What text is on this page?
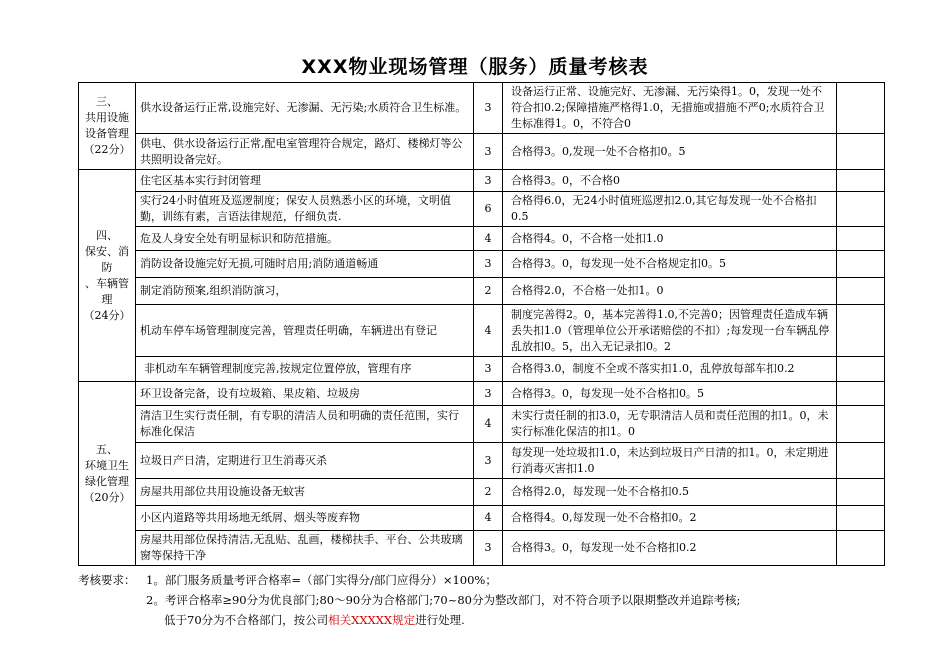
XXX物业现场管理（服务）质量考核表
三、
共用设施
设备管理
（22分）	供水设备运行正常,设施完好、无渗漏、无污染;水质符合卫生标准。	3	设备运行正常、设施完好、无渗漏、无污染得1。0，发现一处不符合扣0.2;保障措施严格得1.0，无措施或措施不严0;水质符合卫生标准得1。0，不符合0	
	供电、供水设备运行正常,配电室管理符合规定，路灯、楼梯灯等公共照明设备完好。	3	合格得3。0,发现一处不合格扣0。5	

四、
保安、消防
、车辆管理
（24分）	住宅区基本实行封闭管理	3	合格得3。0，不合格0	
	实行24小时值班及巡逻制度；保安人员熟悉小区的环境，文明值勤，训练有素，言语法律规范，仔细负责.	6	合格得6.0，无24小时值班巡逻扣2.0,其它每发现一处不合格扣0.5	
	危及人身安全处有明显标识和防范措施。	4	合格得4。0，不合格一处扣1.0	
	消防设备设施完好无损,可随时启用;消防通道畅通	3	合格得3。0，每发现一处不合格规定扣0。5	
	制定消防预案,组织消防演习，	2	合格得2.0，不合格一处扣1。0	
	机动车停车场管理制度完善，管理责任明确，车辆进出有登记	4	制度完善得2。0，基本完善得1.0,不完善0；因管理责任造成车辆丢失扣1.0（管理单位公开承诺赔偿的不扣）;每发现一台车辆乱停乱放扣0。5，出入无记录扣0。2	
	非机动车车辆管理制度完善,按规定位置停放，管理有序	3	合格得3.0，制度不全或不落实扣1.0，乱停放每部车扣0.2	

五、
环境卫生
绿化管理
（20分）	环卫设备完备，设有垃圾箱、果皮箱、垃圾房	3	合格得3。0，每发现一处不合格扣0。5	
	清洁卫生实行责任制，有专职的清洁人员和明确的责任范围，实行标准化保洁	4	未实行责任制的扣3.0，无专职清洁人员和责任范围的扣1。0，未实行标准化保洁的扣1。0	
	垃圾日产日清，定期进行卫生消毒灭杀	3	每发现一处垃圾扣1.0，未达到垃圾日产日清的扣1。0，未定期进行消毒灭害扣1.0	
	房屋共用部位共用设施设备无蚊害	2	合格得2.0，每发现一处不合格扣0.5	
	小区内道路等共用场地无纸屑、烟头等废弃物	4	合格得4。0,每发现一处不合格扣0。2	
	房屋共用部位保持清洁,无乱贴、乱画，楼梯扶手、平台、公共玻璃窗等保持干净	3	合格得3。0，每发现一处不合格扣0.2	
考核要求： 1。部门服务质量考评合格率=（部门实得分/部门应得分）×100%；
2。考评合格率≥90分为优良部门;80～90分为合格部门;70~80分为整改部门，对不符合项予以限期整改并追踪考核;
低于70分为不合格部门，按公司相关XXXXX规定进行处理.
